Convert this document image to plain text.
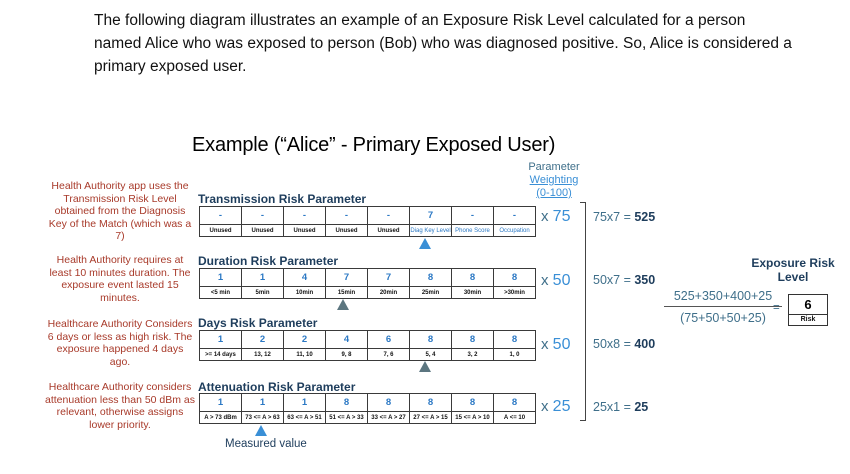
The following diagram illustrates an example of an Exposure Risk Level calculated for a person named Alice who was exposed to person (Bob) who was diagnosed positive. So, Alice is considered a primary exposed user.

Example (“Alice” - Primary Exposed User)
Parameter
Weighting
(0-100)
Health Authority app uses the Transmission Risk Level obtained from the Diagnosis Key of the Match (which was a 7)
Transmission Risk Parameter
-	-	-	-	-	7	-	-
Unused	Unused	Unused	Unused	Unused	Diag Key Level	Phone Score	Occupation
x 75 75x7 = 525
Health Authority requires at least 10 minutes duration. The exposure event lasted 15 minutes.
Duration Risk Parameter
1	1	4	7	7	8	8	8
<5 min	5min	10min	15min	20min	25min	30min	>30min
x 50 50x7 = 350
Healthcare Authority Considers 6 days or less as high risk. The exposure happened 4 days ago.
Days Risk Parameter
1	2	2	4	6	8	8	8
>= 14 days	13, 12	11, 10	9, 8	7, 6	5, 4	3, 2	1, 0
x 50 50x8 = 400
Healthcare Authority considers attenuation less than 50 dBm as relevant, otherwise assigns lower priority.
Attenuation Risk Parameter
1	1	1	8	8	8	8	8
A > 73 dBm	73 <= A > 63	63 <= A > 51	51 <= A > 33	33 <= A > 27	27 <= A > 15	15 <= A > 10	A <= 10
x 25 25x1 = 25
Measured value
Exposure Risk
Level
525+350+400+25
(75+50+50+25)
=	6
Risk
